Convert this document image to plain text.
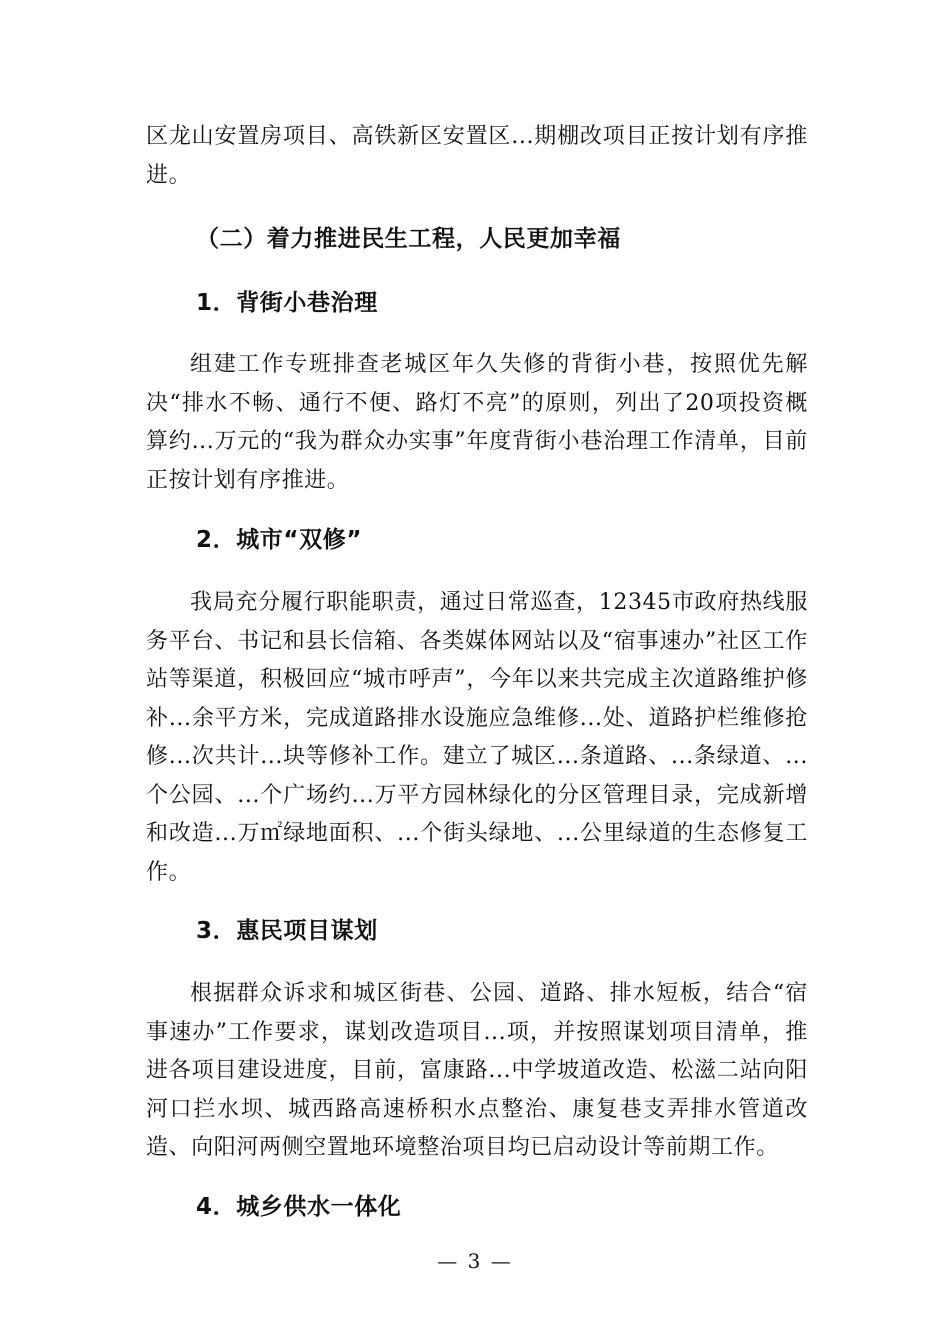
区龙山安置房项目、高铁新区安置区...期棚改项目正按计划有序推进。

（二）着力推进民生工程，人民更加幸福
1．背街小巷治理

组建工作专班排查老城区年久失修的背街小巷，按照优先解决“排水不畅、通行不便、路灯不亮”的原则，列出了20项投资概算约...万元的“我为群众办实事”年度背街小巷治理工作清单，目前正按计划有序推进。

2．城市“双修”

我局充分履行职能职责，通过日常巡查，12345市政府热线服务平台、书记和县长信箱、各类媒体网站以及“宿事速办”社区工作站等渠道，积极回应“城市呼声”，今年以来共完成主次道路维护修补...余平方米，完成道路排水设施应急维修...处、道路护栏维修抢修...次共计...块等修补工作。建立了城区...条道路、...条绿道、...个公园、...个广场约...万平方园林绿化的分区管理目录，完成新增和改造...万㎡绿地面积、...个街头绿地、...公里绿道的生态修复工作。

3．惠民项目谋划

根据群众诉求和城区街巷、公园、道路、排水短板，结合“宿事速办”工作要求，谋划改造项目...项，并按照谋划项目清单，推进各项目建设进度，目前，富康路...中学坡道改造、松滋二站向阳河口拦水坝、城西路高速桥积水点整治、康复巷支弄排水管道改造、向阳河两侧空置地环境整治项目均已启动设计等前期工作。

4．城乡供水一体化
— 3 —
